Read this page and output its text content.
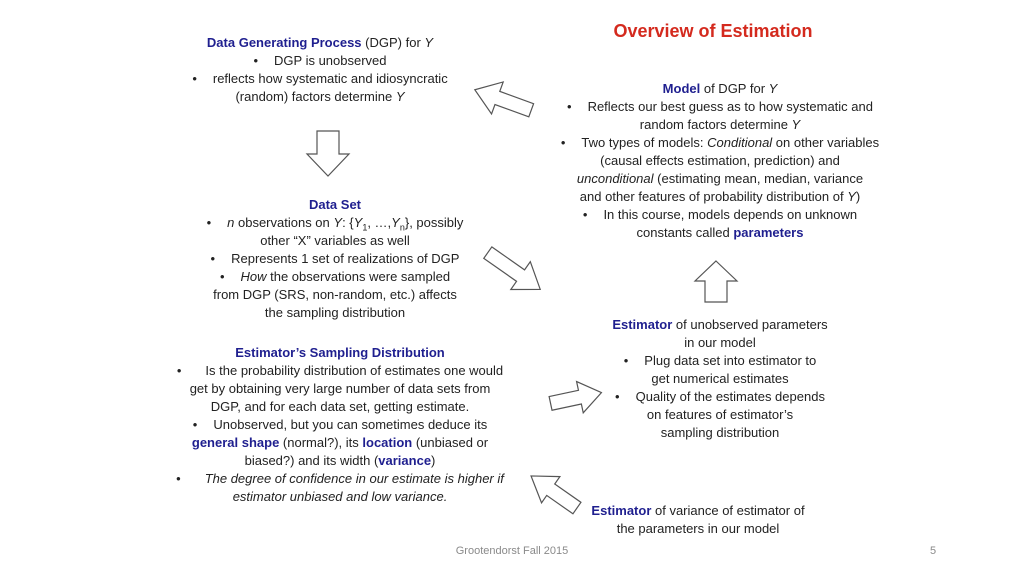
Overview of Estimation
Data Generating Process (DGP) for Y
• DGP is unobserved
• reflects how systematic and idiosyncratic
(random) factors determine Y
Model of DGP for Y
• Reflects our best guess as to how systematic and
random factors determine Y
• Two types of models: Conditional on other variables
(causal effects estimation, prediction) and
unconditional (estimating mean, median, variance
and other features of probability distribution of Y)
• In this course, models depends on unknown
constants called parameters
Data Set
• n observations on Y: {$Y_1$, $\dots,Y_n$}, possibly
other “X” variables as well
• Represents 1 set of realizations of DGP
• How the observations were sampled
from DGP (SRS, non-random, etc.) affects
the sampling distribution
Estimator of unobserved parameters
in our model
• Plug data set into estimator to
get numerical estimates
• Quality of the estimates depends
on features of estimator’s
sampling distribution
Estimator’s Sampling Distribution
• Is the probability distribution of estimates one would
get by obtaining very large number of data sets from
DGP, and for each data set, getting estimate.
• Unobserved, but you can sometimes deduce its
general shape (normal?), its location (unbiased or
biased?) and its width (variance)
• The degree of confidence in our estimate is higher if
estimator unbiased and low variance.
Estimator of variance of estimator of
the parameters in our model
Grootendorst Fall 2015	5
